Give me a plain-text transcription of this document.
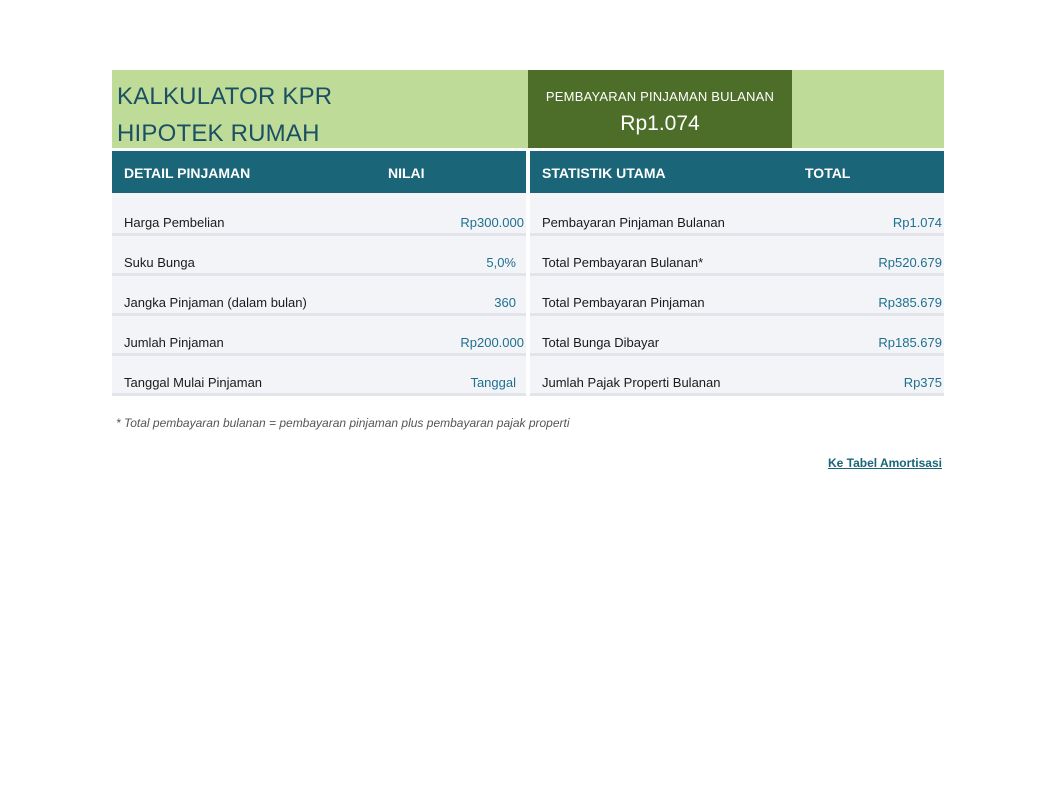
KALKULATOR KPR
HIPOTEK RUMAH
PEMBAYARAN PINJAMAN BULANAN
Rp1.074
DETAIL PINJAMAN	NILAI
Harga Pembelian	Rp300.000
Suku Bunga	5,0%
Jangka Pinjaman (dalam bulan)	360
Jumlah Pinjaman	Rp200.000
Tanggal Mulai Pinjaman	Tanggal
STATISTIK UTAMA	TOTAL
Pembayaran Pinjaman Bulanan	Rp1.074
Total Pembayaran Bulanan*	Rp520.679
Total Pembayaran Pinjaman	Rp385.679
Total Bunga Dibayar	Rp185.679
Jumlah Pajak Properti Bulanan	Rp375
* Total pembayaran bulanan = pembayaran pinjaman plus pembayaran pajak properti
Ke Tabel Amortisasi
